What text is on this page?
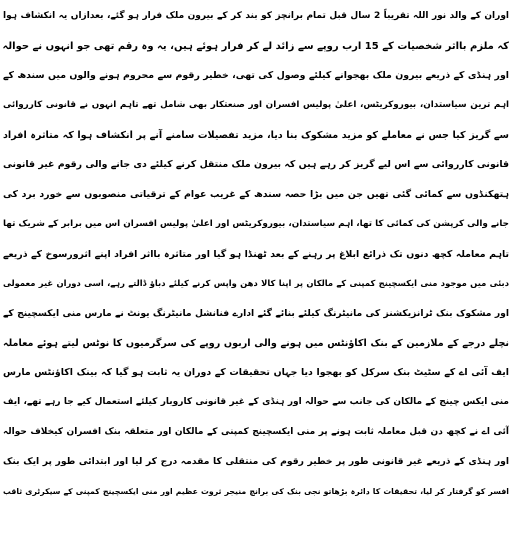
اوران کے والد نور اللہ تقریباً 2 سال قبل تمام برانچز کو بند کر کے بیرون ملک فرار ہو گئے، بعدازاں یہ انکشاف ہوا
کہ ملزم بااثر شخصیات کے 15 ارب روپے سے زائد لے کر فرار ہوئے ہیں، یہ وہ رقم تھی جو انہوں نے حوالہ
اور ہنڈی کے ذریعے بیرون ملک بھجوانے کیلئے وصول کی تھی، خطیر رقوم سے محروم ہونے والوں میں سندھ کے
اہم ترین سیاستدان، بیوروکریٹس، اعلیٰ پولیس افسران اور صنعتکار بھی شامل تھے تاہم انہوں نے قانونی کارروائی
سے گریز کیا جس نے معاملے کو مزید مشکوک بنا دیا، مزید تفصیلات سامنے آنے پر انکشاف ہوا کہ متاثرہ افراد
قانونی کارروائی سے اس لیے گریز کر رہے ہیں کہ بیرون ملک منتقل کرنے کیلئے دی جانے والی رقوم غیر قانونی
ہتھکنڈوں سے کمائی گئی تھیں جن میں بڑا حصہ سندھ کے غریب عوام کے ترقیاتی منصوبوں سے خورد برد کی
جانے والی کرپشن کی کمائی کا تھا، اہم سیاستدان، بیوروکریٹس اور اعلیٰ پولیس افسران اس میں برابر کے شریک تھا
تاہم معاملہ کچھ دنوں تک ذرائع ابلاغ پر رہنے کے بعد ٹھنڈا ہو گیا اور متاثرہ بااثر افراد اپنے اثرورسوخ کے ذریعے
دبئی میں موجود منی ایکسچینج کمپنی کے مالکان پر اپنا کالا دھن واپس کرنے کیلئے دباؤ ڈالتے رہے، اسی دوران غیر معمولی
اور مشکوک بنک ٹرانزیکشنز کی مانیٹرنگ کیلئے بنائے گئے ادارے فنانشل مانیٹرنگ یونٹ نے مارس منی ایکسچینج کے
نچلے درجے کے ملازمین کے بنک اکاؤنٹس میں ہونے والی اربوں روپے کی سرگرمیوں کا نوٹس لیتے ہوئے معاملہ
ایف آئی اے کے سٹیٹ بنک سرکل کو بھجوا دیا جہاں تحقیقات کے دوران یہ ثابت ہو گیا کہ بینک اکاؤنٹس مارس
منی ایکس چینج کے مالکان کی جانب سے حوالہ اور ہنڈی کے غیر قانونی کاروبار کیلئے استعمال کیے جا رہے تھے، ایف
آئی اے نے کچھ دن قبل معاملہ ثابت ہونے پر منی ایکسچینج کمپنی کے مالکان اور متعلقہ بنک افسران کیخلاف حوالہ
اور ہنڈی کے ذریعے غیر قانونی طور پر خطیر رقوم کی منتقلی کا مقدمہ درج کر لیا اور ابتدائی طور پر ایک بنک
افسر کو گرفتار کر لیا، تحقیقات کا دائرہ بڑھاتو نجی بنک کی برانچ منیجر ثروت عظیم اور منی ایکسچینج کمپنی کے سیکرٹری ثاقب
